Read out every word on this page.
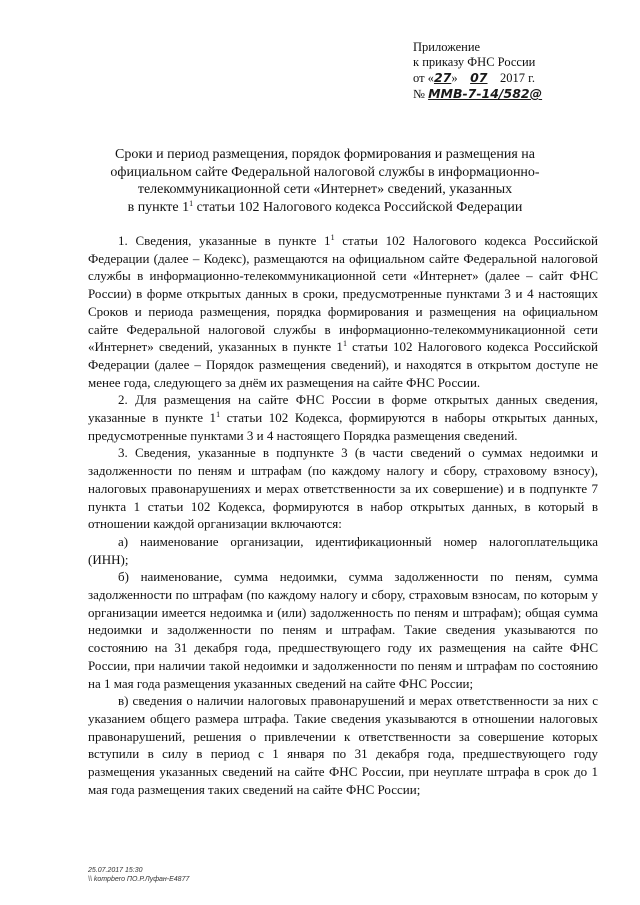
Приложение
к приказу ФНС России
от «27» 07 2017 г.
№ ММВ-7-14/582@
Сроки и период размещения, порядок формирования и размещения на
официальном сайте Федеральной налоговой службы в информационно-
телекоммуникационной сети «Интернет» сведений, указанных
в пункте $1^1$ статьи 102 Налогового кодекса Российской Федерации

1. Сведения, указанные в пункте $1^1$ статьи 102 Налогового кодекса Российской Федерации (далее – Кодекс), размещаются на официальном сайте Федеральной налоговой службы в информационно-телекоммуникационной сети «Интернет» (далее – сайт ФНС России) в форме открытых данных в сроки, предусмотренные пунктами 3 и 4 настоящих Сроков и периода размещения, порядка формирования и размещения на официальном сайте Федеральной налоговой службы в информационно-телекоммуникационной сети «Интернет» сведений, указанных в пункте $1^1$ статьи 102 Налогового кодекса Российской Федерации (далее – Порядок размещения сведений), и находятся в открытом доступе не менее года, следующего за днём их размещения на сайте ФНС России.

2. Для размещения на сайте ФНС России в форме открытых данных сведения, указанные в пункте $1^1$ статьи 102 Кодекса, формируются в наборы открытых данных, предусмотренные пунктами 3 и 4 настоящего Порядка размещения сведений.

3. Сведения, указанные в подпункте 3 (в части сведений о суммах недоимки и задолженности по пеням и штрафам (по каждому налогу и сбору, страховому взносу), налоговых правонарушениях и мерах ответственности за их совершение) и в подпункте 7 пункта 1 статьи 102 Кодекса, формируются в набор открытых данных, в который в отношении каждой организации включаются:

а) наименование организации, идентификационный номер налогоплательщика (ИНН);

б) наименование, сумма недоимки, сумма задолженности по пеням, сумма задолженности по штрафам (по каждому налогу и сбору, страховым взносам, по которым у организации имеется недоимка и (или) задолженность по пеням и штрафам); общая сумма недоимки и задолженности по пеням и штрафам. Такие сведения указываются по состоянию на 31 декабря года, предшествующего году их размещения на сайте ФНС России, при наличии такой недоимки и задолженности по пеням и штрафам по состоянию на 1 мая года размещения указанных сведений на сайте ФНС России;

в) сведения о наличии налоговых правонарушений и мерах ответственности за них с указанием общего размера штрафа. Такие сведения указываются в отношении налоговых правонарушений, решения о привлечении к ответственности за совершение которых вступили в силу в период с 1 января по 31 декабря года, предшествующего году размещения указанных сведений на сайте ФНС России, при неуплате штрафа в срок до 1 мая года размещения таких сведений на сайте ФНС России;

25.07.2017 15:30
\\ kompbero ПО.Р.Луфан-Е4877
